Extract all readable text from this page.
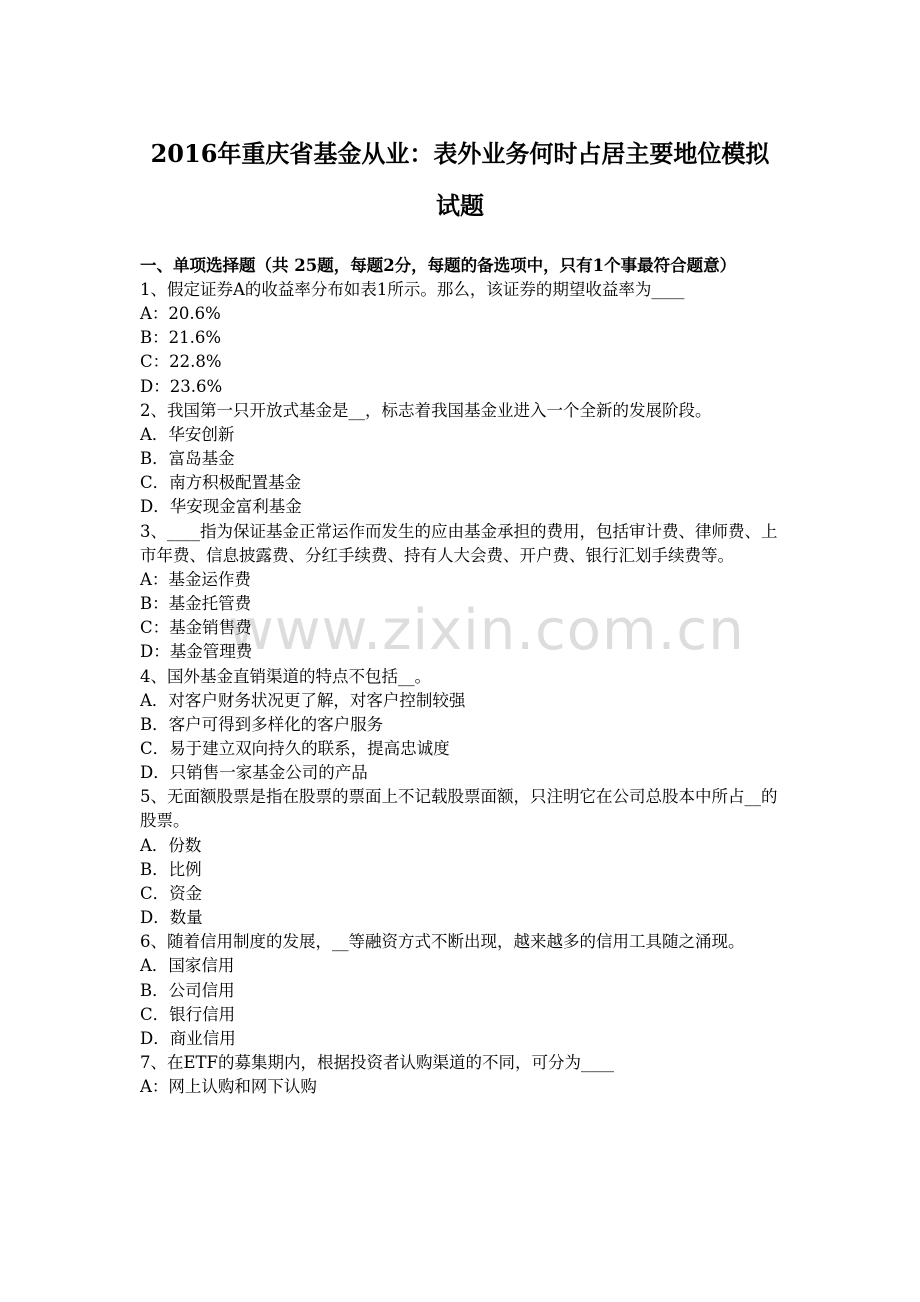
2016年重庆省基金从业：表外业务何时占居主要地位模拟
试题

一、单项选择题（共 25题，每题2分，每题的备选项中，只有1个事最符合题意）

1、假定证券A的收益率分布如表1所示。那么，该证券的期望收益率为____

A：20.6%

B：21.6%

C：22.8%

D：23.6%

2、我国第一只开放式基金是__，标志着我国基金业进入一个全新的发展阶段。

A．华安创新

B．富岛基金

C．南方积极配置基金

D．华安现金富利基金

3、____指为保证基金正常运作而发生的应由基金承担的费用，包括审计费、律师费、上市年费、信息披露费、分红手续费、持有人大会费、开户费、银行汇划手续费等。

A：基金运作费

B：基金托管费

C：基金销售费

D：基金管理费

4、国外基金直销渠道的特点不包括__。

A．对客户财务状况更了解，对客户控制较强

B．客户可得到多样化的客户服务

C．易于建立双向持久的联系，提高忠诚度

D．只销售一家基金公司的产品

5、无面额股票是指在股票的票面上不记载股票面额，只注明它在公司总股本中所占__的股票。

A．份数

B．比例

C．资金

D．数量

6、随着信用制度的发展，__等融资方式不断出现，越来越多的信用工具随之涌现。

A．国家信用

B．公司信用

C．银行信用

D．商业信用

7、在ETF的募集期内，根据投资者认购渠道的不同，可分为____

A：网上认购和网下认购

www.zixin.com.cn
